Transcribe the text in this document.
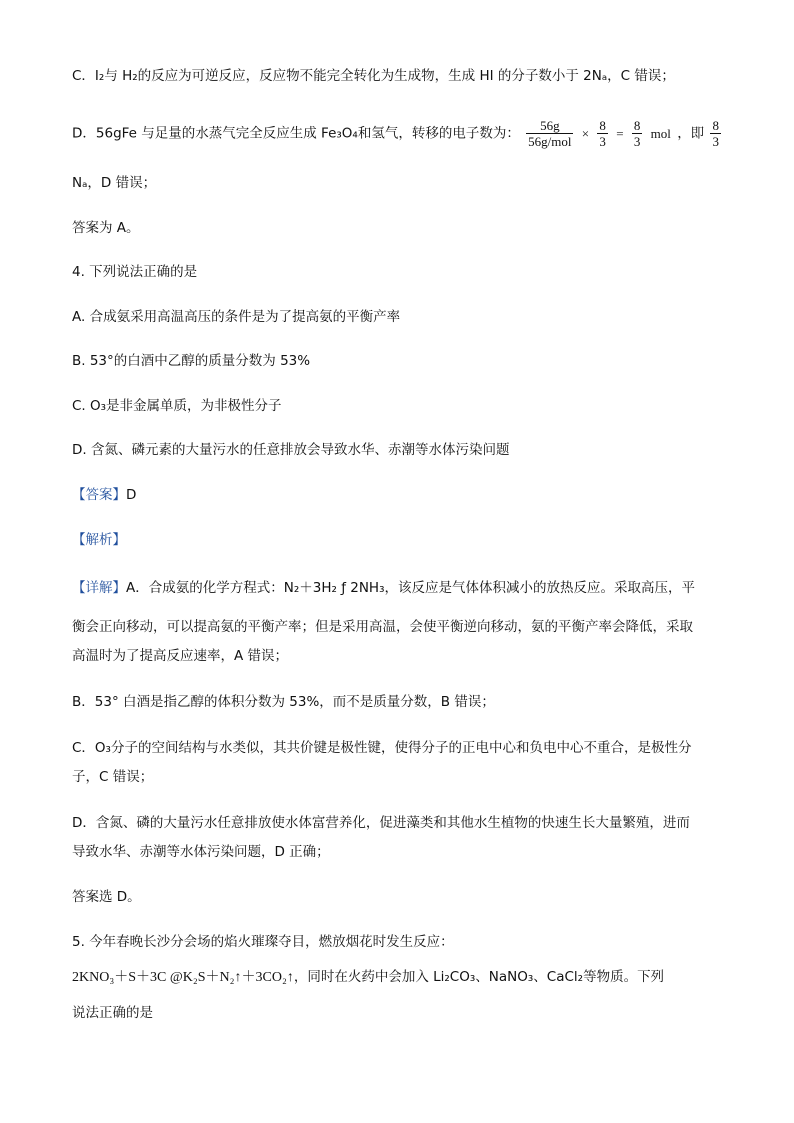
C．I₂与 H₂的反应为可逆反应，反应物不能完全转化为生成物，生成 HI 的分子数小于 2Nₐ，C 错误；
D．56gFe 与足量的水蒸气完全反应生成 Fe₃O₄和氢气，转移的电子数为： $\frac{56g}{\text{56g/mol}} \times \frac{8}{3} = \frac{8}{3}$ mol ，即 $\frac{8}{3}$
Nₐ，D 错误；
答案为 A。
4. 下列说法正确的是
A. 合成氨采用高温高压的条件是为了提高氨的平衡产率
B. 53°的白酒中乙醇的质量分数为 53%
C. O₃是非金属单质，为非极性分子
D. 含氮、磷元素的大量污水的任意排放会导致水华、赤潮等水体污染问题
【答案】D
【解析】
【详解】A．合成氨的化学方程式：N₂＋3H₂ ƒ 2NH₃，该反应是气体体积减小的放热反应。采取高压，平
衡会正向移动，可以提高氨的平衡产率；但是采用高温，会使平衡逆向移动，氨的平衡产率会降低，采取
高温时为了提高反应速率，A 错误；
B．53° 白酒是指乙醇的体积分数为 53%，而不是质量分数，B 错误；
C．O₃分子的空间结构与水类似，其共价键是极性键，使得分子的正电中心和负电中心不重合，是极性分
子，C 错误；
D．含氮、磷的大量污水任意排放使水体富营养化，促进藻类和其他水生植物的快速生长大量繁殖，进而
导致水华、赤潮等水体污染问题，D 正确；
答案选 D。
5. 今年春晚长沙分会场的焰火璀璨夺目，燃放烟花时发生反应：
2KNO₃＋S＋3C @K₂S＋N₂↑＋3CO₂↑，同时在火药中会加入 Li₂CO₃、NaNO₃、CaCl₂等物质。下列
说法正确的是
